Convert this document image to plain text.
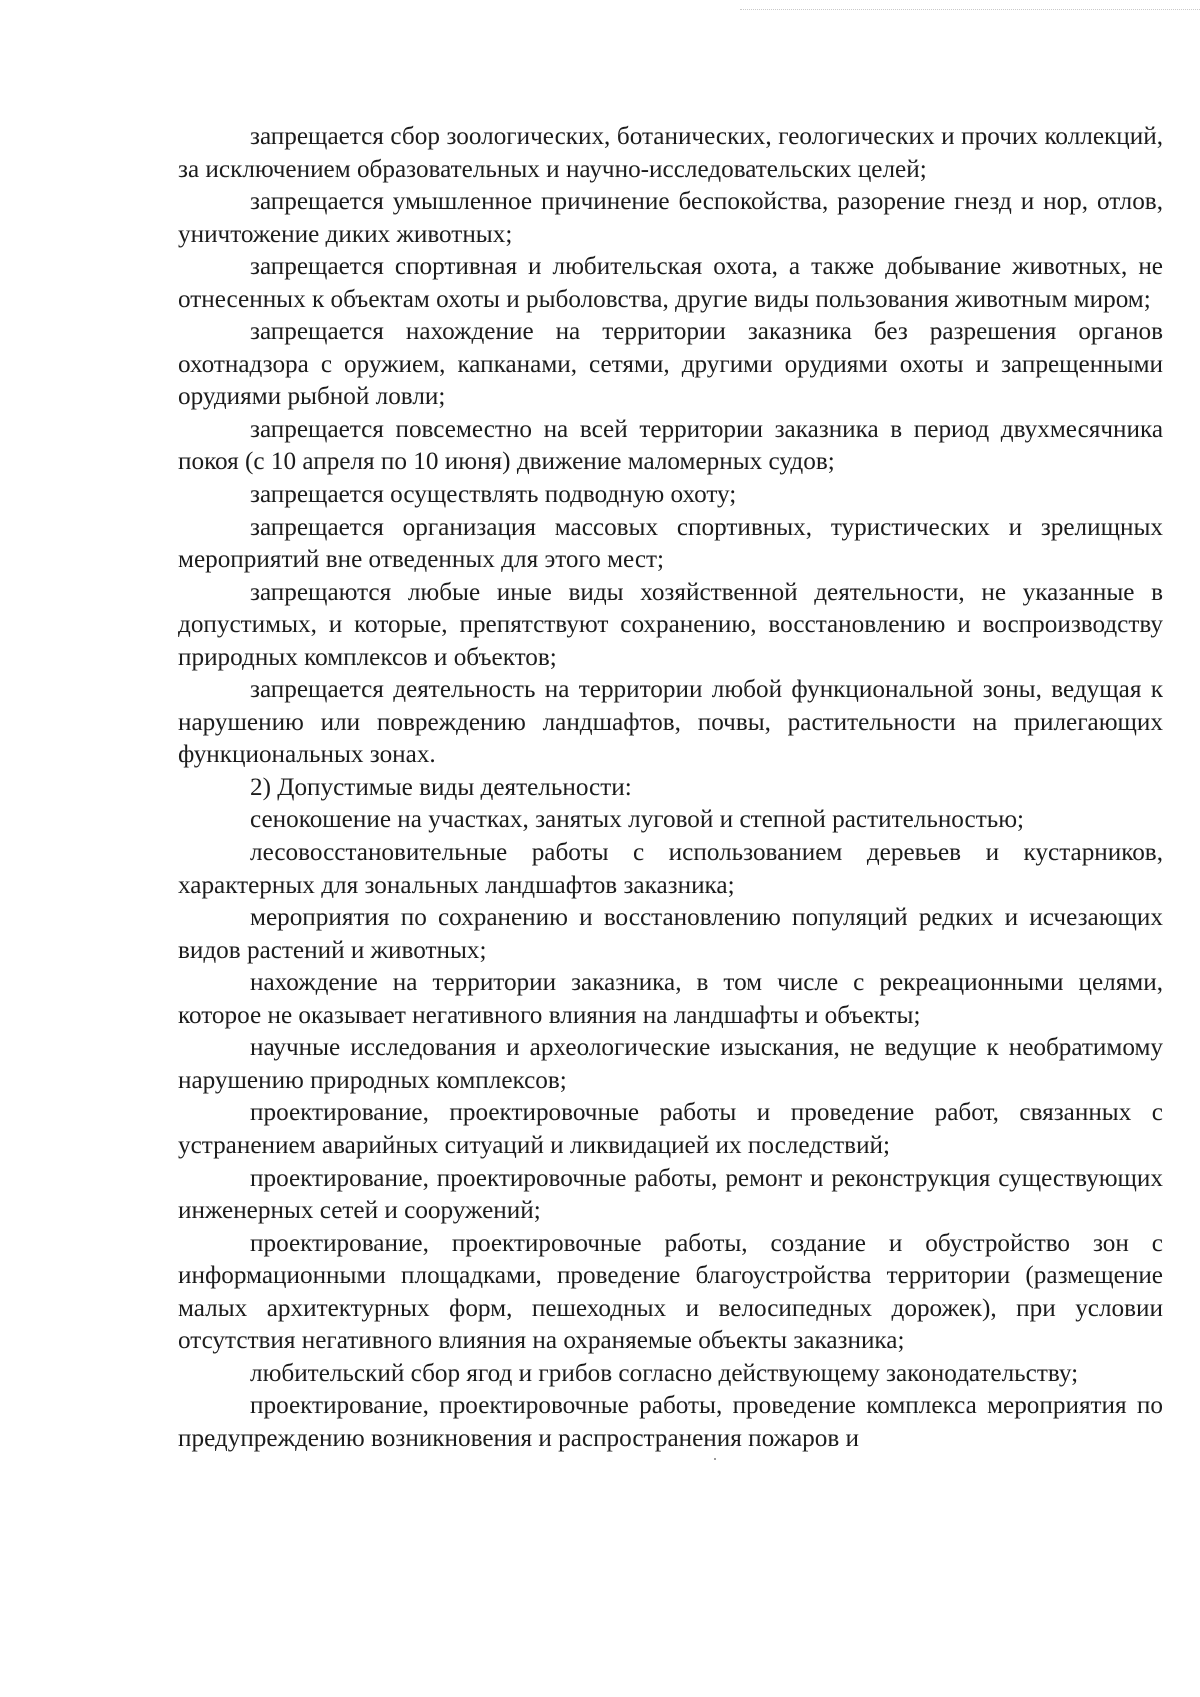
запрещается сбор зоологических, ботанических, геологических и прочих коллекций, за исключением образовательных и научно-исследовательских целей;

запрещается умышленное причинение беспокойства, разорение гнезд и нор, отлов, уничтожение диких животных;

запрещается спортивная и любительская охота, а также добывание животных, не отнесенных к объектам охоты и рыболовства, другие виды пользования животным миром;

запрещается нахождение на территории заказника без разрешения органов охотнадзора с оружием, капканами, сетями, другими орудиями охоты и запрещенными орудиями рыбной ловли;

запрещается повсеместно на всей территории заказника в период двухмесячника покоя (с 10 апреля по 10 июня) движение маломерных судов;

запрещается осуществлять подводную охоту;

запрещается организация массовых спортивных, туристических и зрелищных мероприятий вне отведенных для этого мест;

запрещаются любые иные виды хозяйственной деятельности, не указанные в допустимых, и которые, препятствуют сохранению, восстановлению и воспроизводству природных комплексов и объектов;

запрещается деятельность на территории любой функциональной зоны, ведущая к нарушению или повреждению ландшафтов, почвы, растительности на прилегающих функциональных зонах.

2) Допустимые виды деятельности:

сенокошение на участках, занятых луговой и степной растительностью;

лесовосстановительные работы с использованием деревьев и кустарников, характерных для зональных ландшафтов заказника;

мероприятия по сохранению и восстановлению популяций редких и исчезающих видов растений и животных;

нахождение на территории заказника, в том числе с рекреационными целями, которое не оказывает негативного влияния на ландшафты и объекты;

научные исследования и археологические изыскания, не ведущие к необратимому нарушению природных комплексов;

проектирование, проектировочные работы и проведение работ, связанных с устранением аварийных ситуаций и ликвидацией их последствий;

проектирование, проектировочные работы, ремонт и реконструкция существующих инженерных сетей и сооружений;

проектирование, проектировочные работы, создание и обустройство зон с информационными площадками, проведение благоустройства территории (размещение малых архитектурных форм, пешеходных и велосипедных дорожек), при условии отсутствия негативного влияния на охраняемые объекты заказника;

любительский сбор ягод и грибов согласно действующему законодательству;

проектирование, проектировочные работы, проведение комплекса мероприятия по предупреждению возникновения и распространения пожаров и
